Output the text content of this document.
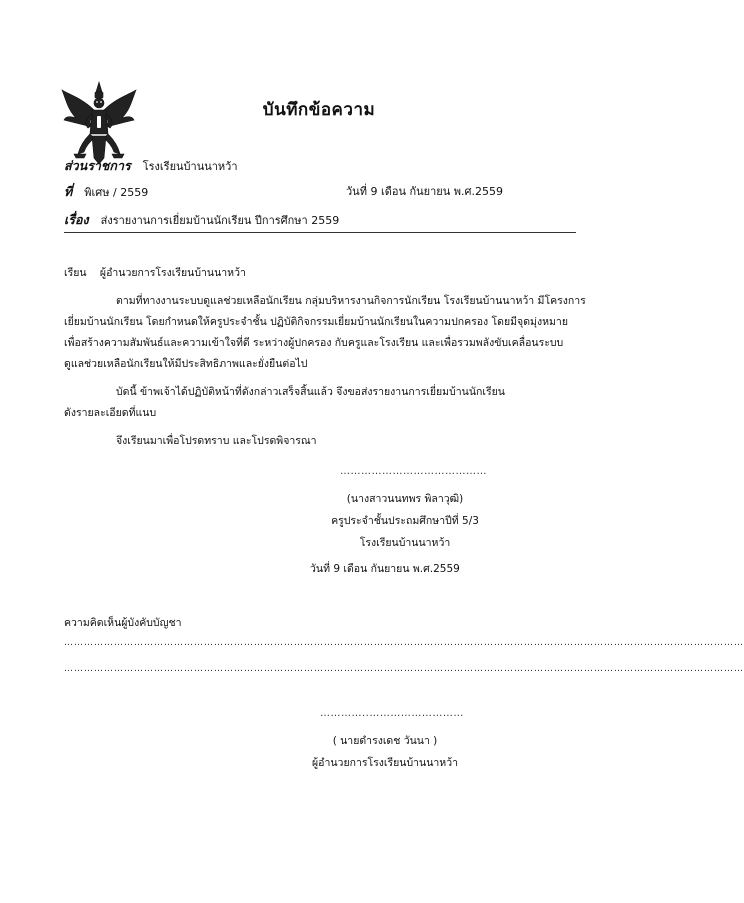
บันทึกข้อความ
ส่วนราชการ โรงเรียนบ้านนาหว้า
ที่ พิเศษ / 2559	วันที่ 9 เดือน กันยายน พ.ศ.2559
เรื่อง ส่งรายงานการเยี่ยมบ้านนักเรียน ปีการศึกษา 2559
เรียน ผู้อำนวยการโรงเรียนบ้านนาหว้า
ตามที่ทางงานระบบดูแลช่วยเหลือนักเรียน กลุ่มบริหารงานกิจการนักเรียน โรงเรียนบ้านนาหว้า มีโครงการ
เยี่ยมบ้านนักเรียน โดยกำหนดให้ครูประจำชั้น ปฏิบัติกิจกรรมเยี่ยมบ้านนักเรียนในความปกครอง โดยมีจุดมุ่งหมาย
เพื่อสร้างความสัมพันธ์และความเข้าใจที่ดี ระหว่างผู้ปกครอง กับครูและโรงเรียน และเพื่อรวมพลังขับเคลื่อนระบบ
ดูแลช่วยเหลือนักเรียนให้มีประสิทธิภาพและยั่งยืนต่อไป
บัดนี้ ข้าพเจ้าได้ปฏิบัติหน้าที่ดังกล่าวเสร็จสิ้นแล้ว จึงขอส่งรายงานการเยี่ยมบ้านนักเรียน
ดังรายละเอียดที่แนบ
จึงเรียนมาเพื่อโปรดทราบ และโปรดพิจารณา
……………………………………
(นางสาวนนทพร พิลาวุฒิ)
ครูประจำชั้นประถมศึกษาปีที่ 5/3
โรงเรียนบ้านนาหว้า
วันที่ 9 เดือน กันยายน พ.ศ.2559
ความคิดเห็นผู้บังคับบัญชา
……………………………………………………………………………………………………………………………………………………………………………………
……………………………………………………………………………………………………………………………………………………………………………………
…………..………………………
( นายดำรงเดช วันนา )
ผู้อำนวยการโรงเรียนบ้านนาหว้า
